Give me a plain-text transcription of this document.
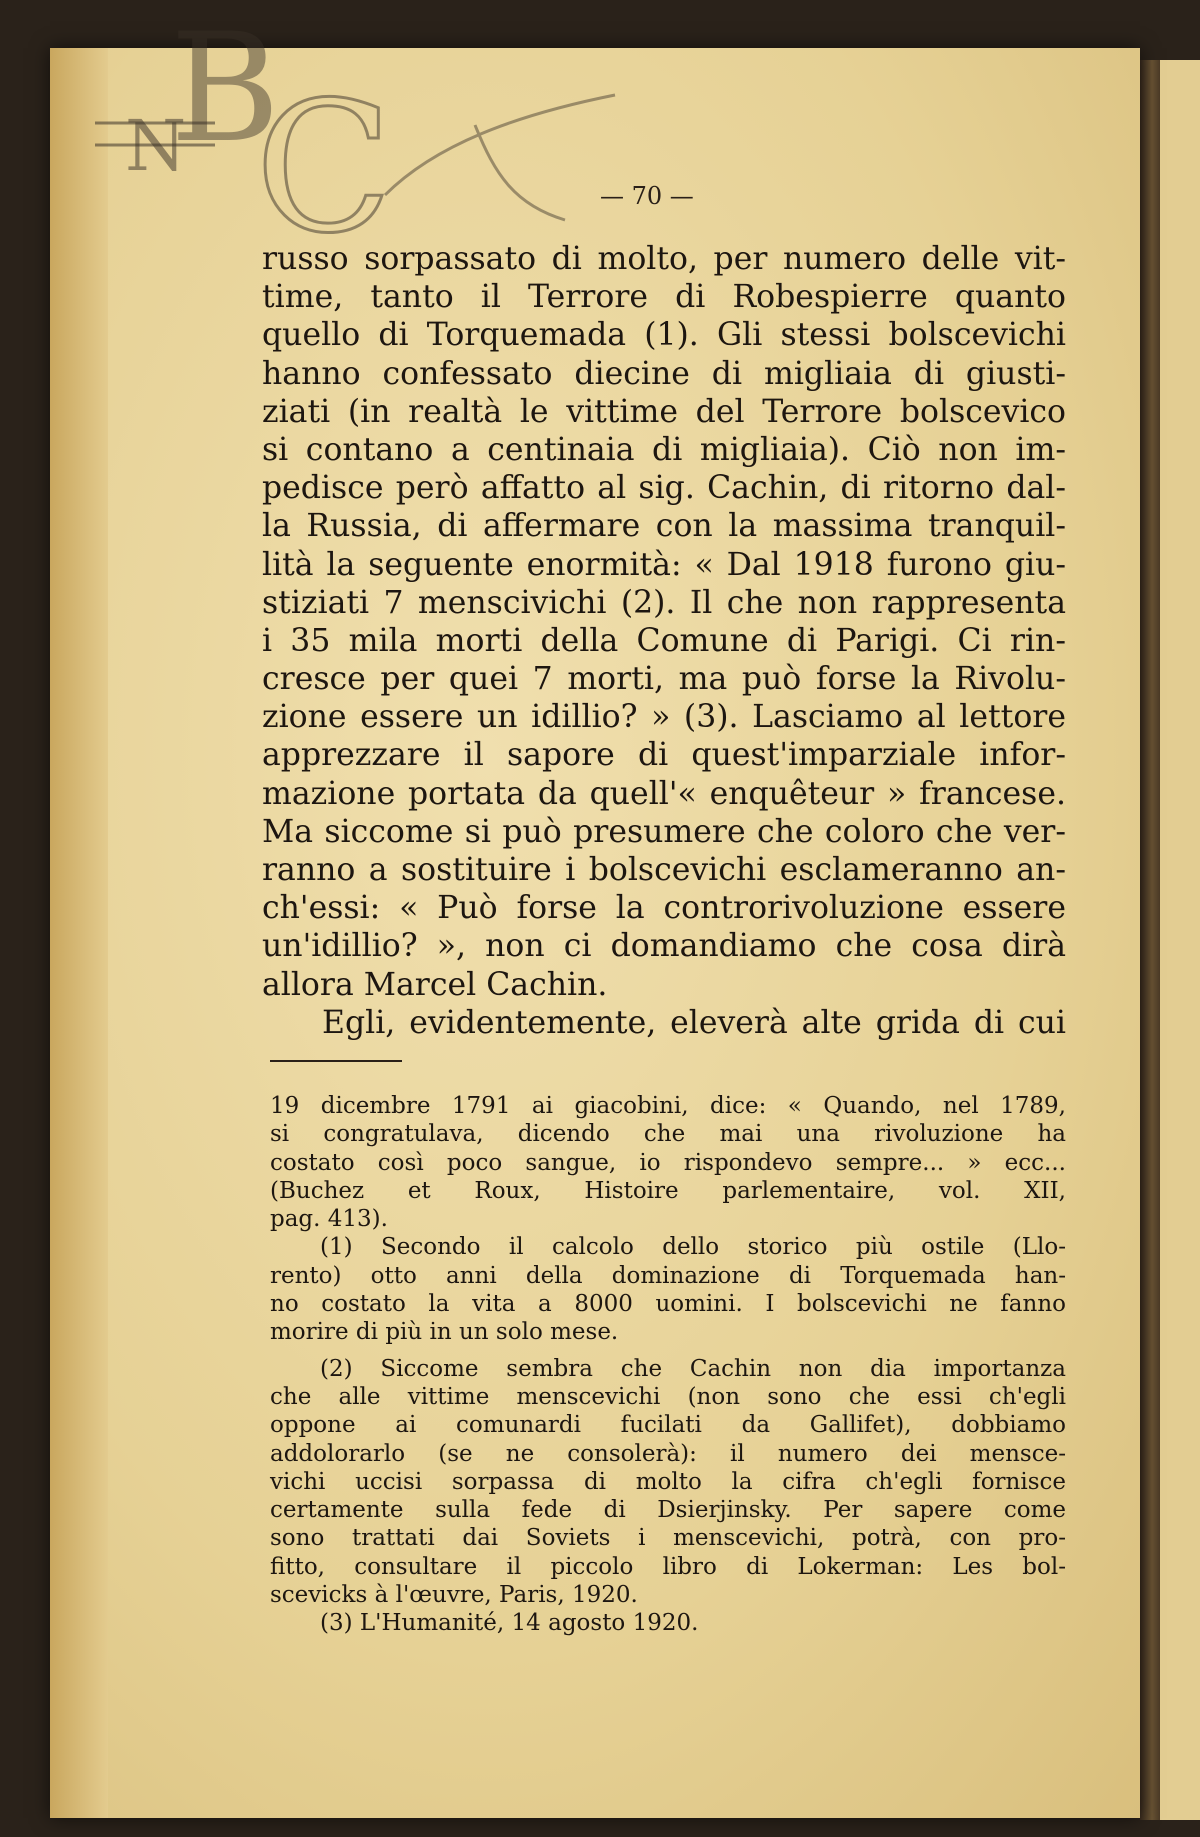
N
B
C	— 70 —
russo sorpassato di molto, per numero delle vit-
time, tanto il Terrore di Robespierre quanto
quello di Torquemada (1). Gli stessi bolscevichi
hanno confessato diecine di migliaia di giusti-
ziati (in realtà le vittime del Terrore bolscevico
si contano a centinaia di migliaia). Ciò non im-
pedisce però affatto al sig. Cachin, di ritorno dal-
la Russia, di affermare con la massima tranquil-
lità la seguente enormità: « Dal 1918 furono giu-
stiziati 7 menscivichi (2). Il che non rappresenta
i 35 mila morti della Comune di Parigi. Ci rin-
cresce per quei 7 morti, ma può forse la Rivolu-
zione essere un idillio? » (3). Lasciamo al lettore
apprezzare il sapore di quest'imparziale infor-
mazione portata da quell'« enquêteur » francese.
Ma siccome si può presumere che coloro che ver-
ranno a sostituire i bolscevichi esclameranno an-
ch'essi: « Può forse la controrivoluzione essere
un'idillio? », non ci domandiamo che cosa dirà
allora Marcel Cachin.
Egli, evidentemente, eleverà alte grida di cui
19 dicembre 1791 ai giacobini, dice: « Quando, nel 1789,
si congratulava, dicendo che mai una rivoluzione ha
costato così poco sangue, io rispondevo sempre... » ecc...
(Buchez et Roux, Histoire parlementaire, vol. XII,
pag. 413).
(1) Secondo il calcolo dello storico più ostile (Llo-
rento) otto anni della dominazione di Torquemada han-
no costato la vita a 8000 uomini. I bolscevichi ne fanno
morire di più in un solo mese.
(2) Siccome sembra che Cachin non dia importanza
che alle vittime menscevichi (non sono che essi ch'egli
oppone ai comunardi fucilati da Gallifet), dobbiamo
addolorarlo (se ne consolerà): il numero dei mensce-
vichi uccisi sorpassa di molto la cifra ch'egli fornisce
certamente sulla fede di Dsierjinsky. Per sapere come
sono trattati dai Soviets i menscevichi, potrà, con pro-
fitto, consultare il piccolo libro di Lokerman: Les bol-
scevicks à l'œuvre, Paris, 1920.
(3) L'Humanité, 14 agosto 1920.
